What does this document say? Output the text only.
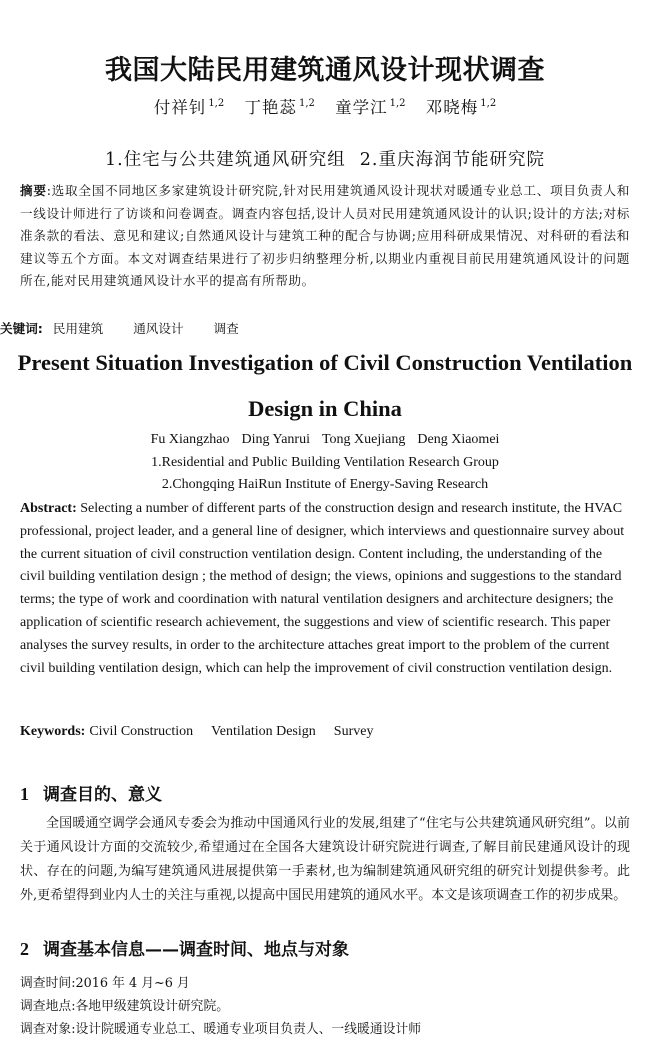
我国大陆民用建筑通风设计现状调查
付祥钊 $^{1,2}$ 丁艳蕊 $^{1,2}$ 童学江 $^{1,2}$ 邓晓梅 $^{1,2}$
1.住宅与公共建筑通风研究组 2.重庆海润节能研究院
摘要:选取全国不同地区多家建筑设计研究院,针对民用建筑通风设计现状对暖通专业总工、项目负责人和一线设计师进行了访谈和问卷调查。调查内容包括,设计人员对民用建筑通风设计的认识;设计的方法;对标准条款的看法、意见和建议;自然通风设计与建筑工种的配合与协调;应用科研成果情况、对科研的看法和建议等五个方面。本文对调查结果进行了初步归纳整理分析,以期业内重视目前民用建筑通风设计的问题所在,能对民用建筑通风设计水平的提高有所帮助。
关键词: 民用建筑 通风设计 调查
Present Situation Investigation of Civil Construction Ventilation Design in China
Fu Xiangzhao Ding Yanrui Tong Xuejiang Deng Xiaomei
1.Residential and Public Building Ventilation Research Group
2.Chongqing HaiRun Institute of Energy-Saving Research
Abstract: Selecting a number of different parts of the construction design and research institute, the HVAC professional, project leader, and a general line of designer, which interviews and questionnaire survey about the current situation of civil construction ventilation design. Content including, the understanding of the civil building ventilation design ; the method of design; the views, opinions and suggestions to the standard terms; the type of work and coordination with natural ventilation designers and architecture designers; the application of scientific research achievement, the suggestions and view of scientific research. This paper analyses the survey results, in order to the architecture attaches great import to the problem of the current civil building ventilation design, which can help the improvement of civil construction ventilation design.
Keywords: Civil Construction Ventilation Design Survey
1 调查目的、意义
全国暖通空调学会通风专委会为推动中国通风行业的发展,组建了“住宅与公共建筑通风研究组”。以前关于通风设计方面的交流较少,希望通过在全国各大建筑设计研究院进行调查,了解目前民建通风设计的现状、存在的问题,为编写建筑通风进展提供第一手素材,也为编制建筑通风研究组的研究计划提供参考。此外,更希望得到业内人士的关注与重视,以提高中国民用建筑的通风水平。本文是该项调查工作的初步成果。
2 调查基本信息——调查时间、地点与对象
调查时间:2016 年 4 月~6 月
调查地点:各地甲级建筑设计研究院。
调查对象:设计院暖通专业总工、暖通专业项目负责人、一线暖通设计师
